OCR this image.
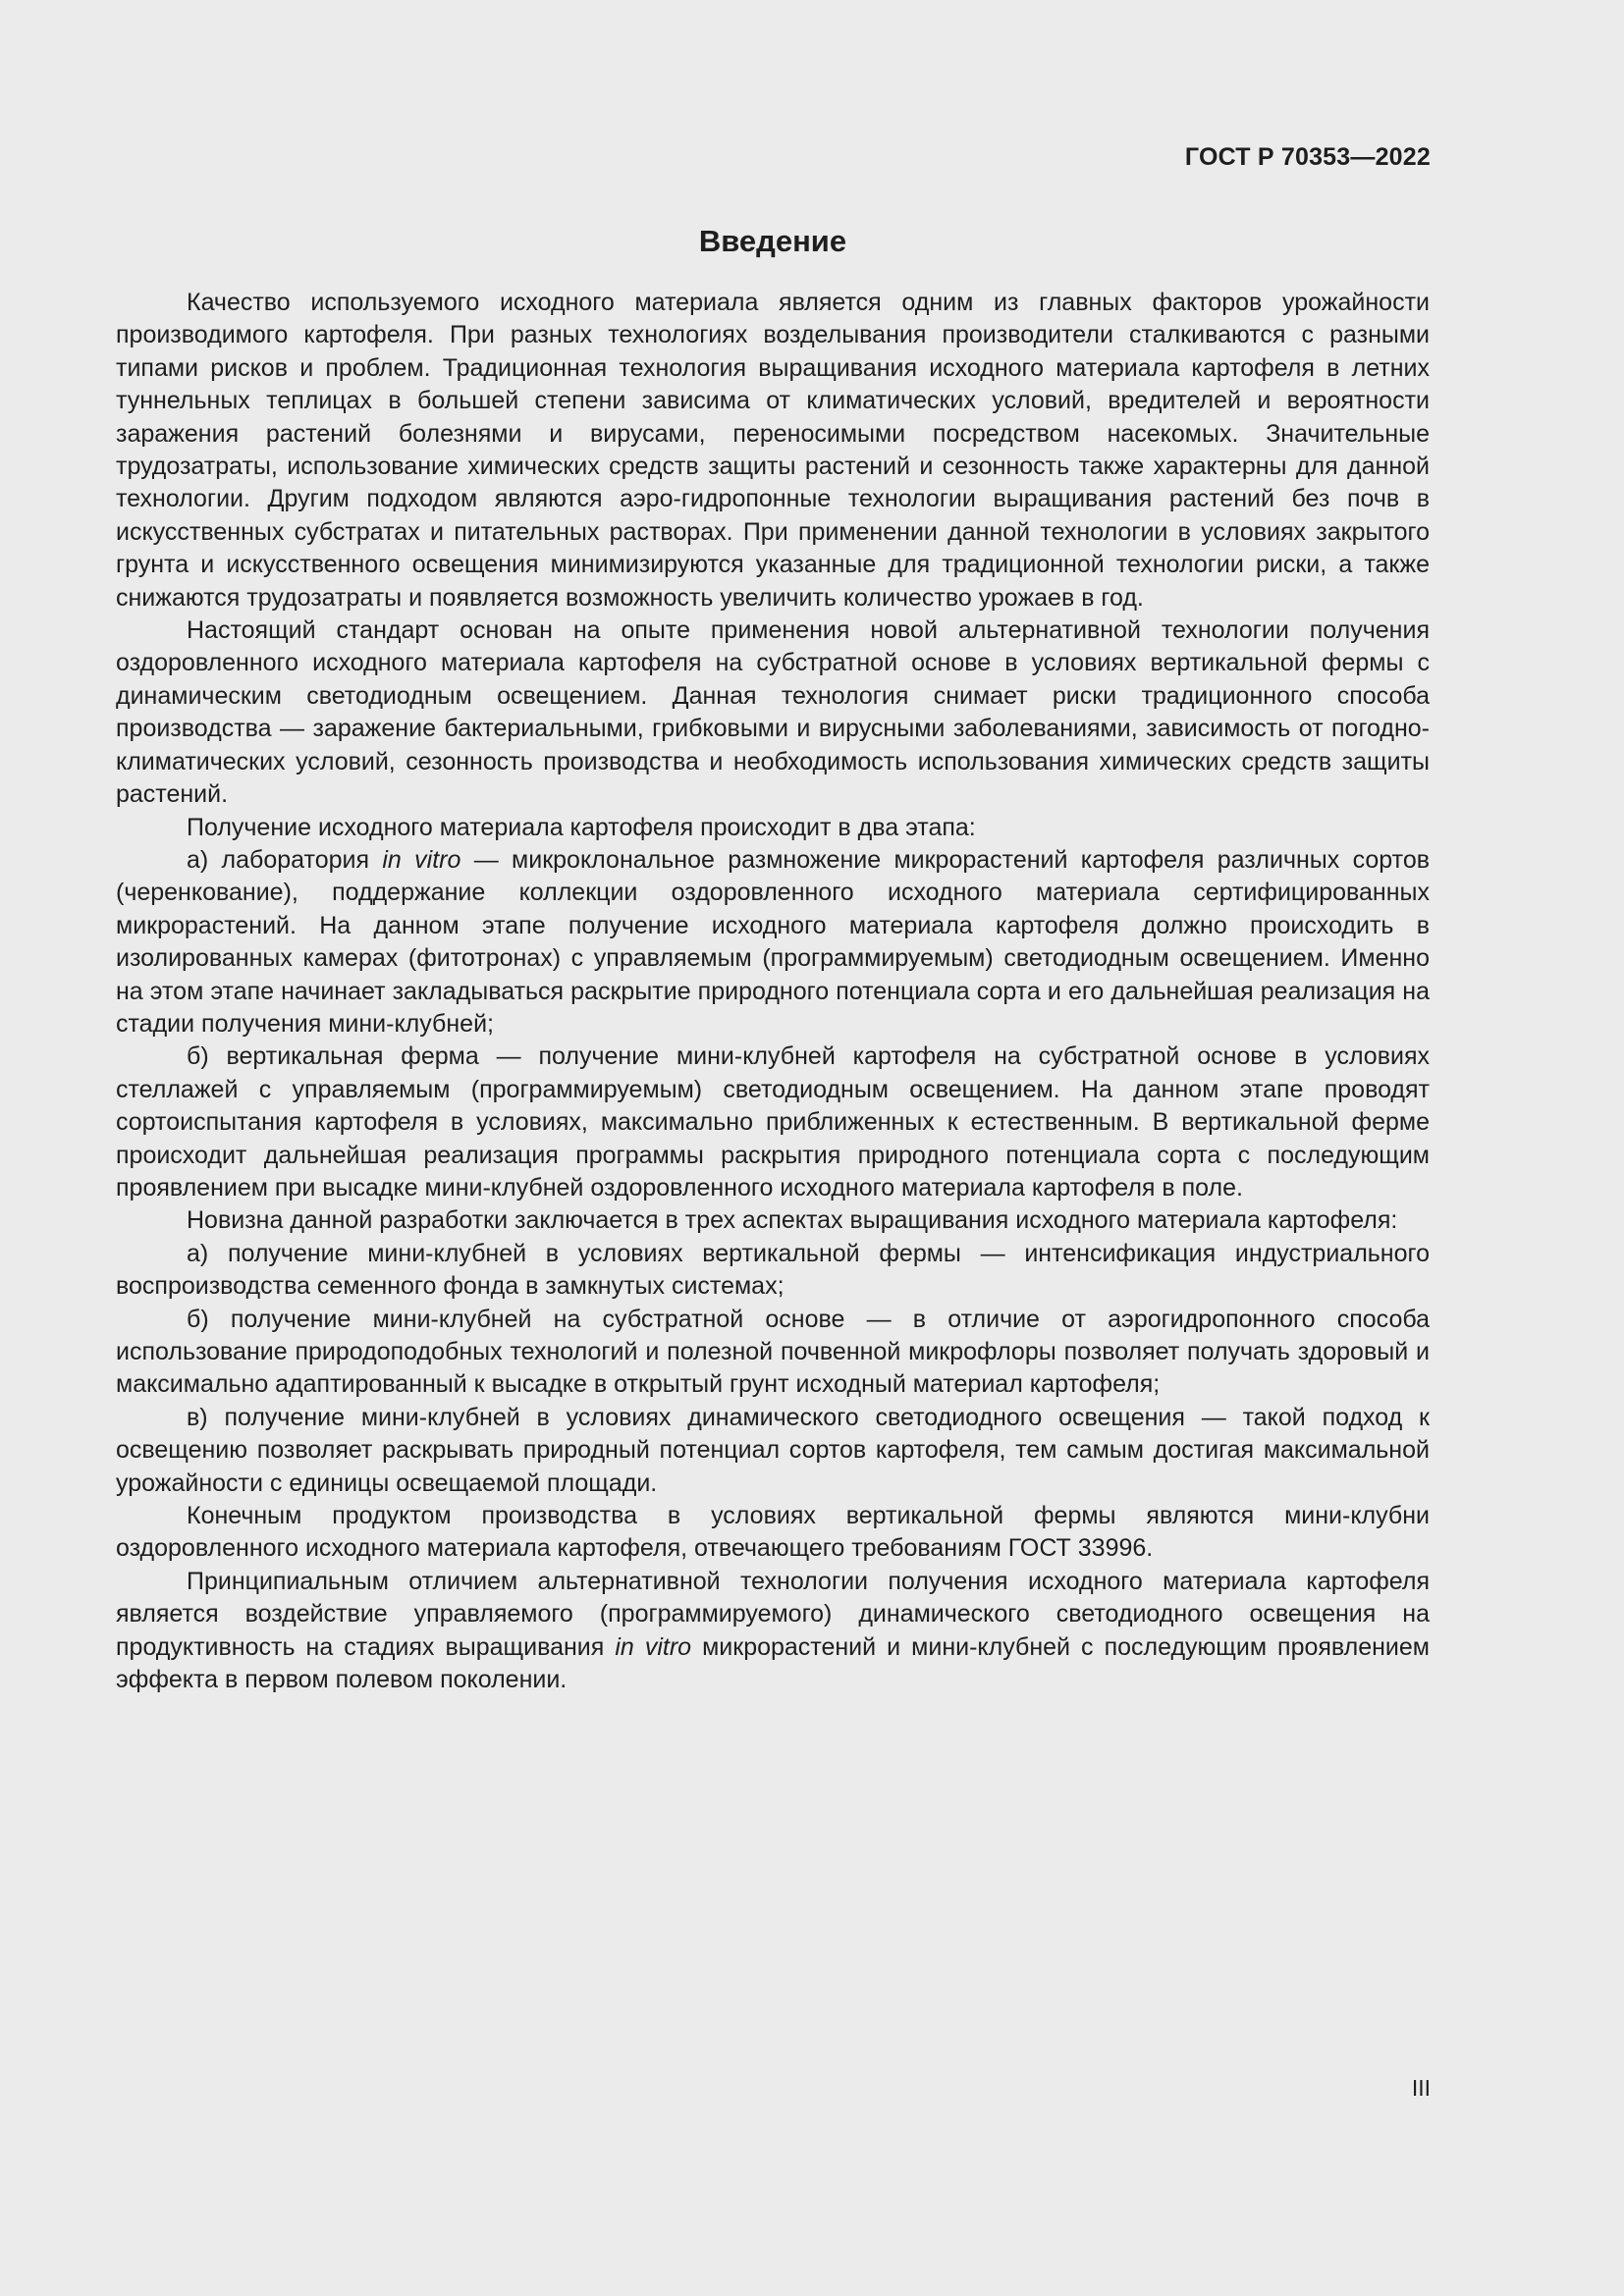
ГОСТ Р 70353—2022
Введение

Качество используемого исходного материала является одним из главных факторов урожайности производимого картофеля. При разных технологиях возделывания производители сталкиваются с разными типами рисков и проблем. Традиционная технология выращивания исходного материала картофеля в летних туннельных теплицах в большей степени зависима от климатических условий, вредителей и вероятности заражения растений болезнями и вирусами, переносимыми посредством насекомых. Значительные трудозатраты, использование химических средств защиты растений и сезонность также характерны для данной технологии. Другим подходом являются аэро-гидропонные технологии выращивания растений без почв в искусственных субстратах и питательных растворах. При применении данной технологии в условиях закрытого грунта и искусственного освещения минимизируются указанные для традиционной технологии риски, а также снижаются трудозатраты и появляется возможность увеличить количество урожаев в год.

Настоящий стандарт основан на опыте применения новой альтернативной технологии получения оздоровленного исходного материала картофеля на субстратной основе в условиях вертикальной фермы с динамическим светодиодным освещением. Данная технология снимает риски традиционного способа производства — заражение бактериальными, грибковыми и вирусными заболеваниями, зависимость от погодно-климатических условий, сезонность производства и необходимость использования химических средств защиты растений.

Получение исходного материала картофеля происходит в два этапа:

а) лаборатория in vitro — микроклональное размножение микрорастений картофеля различных сортов (черенкование), поддержание коллекции оздоровленного исходного материала сертифицированных микрорастений. На данном этапе получение исходного материала картофеля должно происходить в изолированных камерах (фитотронах) с управляемым (программируемым) светодиодным освещением. Именно на этом этапе начинает закладываться раскрытие природного потенциала сорта и его дальнейшая реализация на стадии получения мини-клубней;

б) вертикальная ферма — получение мини-клубней картофеля на субстратной основе в условиях стеллажей с управляемым (программируемым) светодиодным освещением. На данном этапе проводят сортоиспытания картофеля в условиях, максимально приближенных к естественным. В вертикальной ферме происходит дальнейшая реализация программы раскрытия природного потенциала сорта с последующим проявлением при высадке мини-клубней оздоровленного исходного материала картофеля в поле.

Новизна данной разработки заключается в трех аспектах выращивания исходного материала картофеля:

а) получение мини-клубней в условиях вертикальной фермы — интенсификация индустриального воспроизводства семенного фонда в замкнутых системах;

б) получение мини-клубней на субстратной основе — в отличие от аэрогидропонного способа использование природоподобных технологий и полезной почвенной микрофлоры позволяет получать здоровый и максимально адаптированный к высадке в открытый грунт исходный материал картофеля;

в) получение мини-клубней в условиях динамического светодиодного освещения — такой подход к освещению позволяет раскрывать природный потенциал сортов картофеля, тем самым достигая максимальной урожайности с единицы освещаемой площади.

Конечным продуктом производства в условиях вертикальной фермы являются мини-клубни оздоровленного исходного материала картофеля, отвечающего требованиям ГОСТ 33996.

Принципиальным отличием альтернативной технологии получения исходного материала картофеля является воздействие управляемого (программируемого) динамического светодиодного освещения на продуктивность на стадиях выращивания in vitro микрорастений и мини-клубней с последующим проявлением эффекта в первом полевом поколении.

III
